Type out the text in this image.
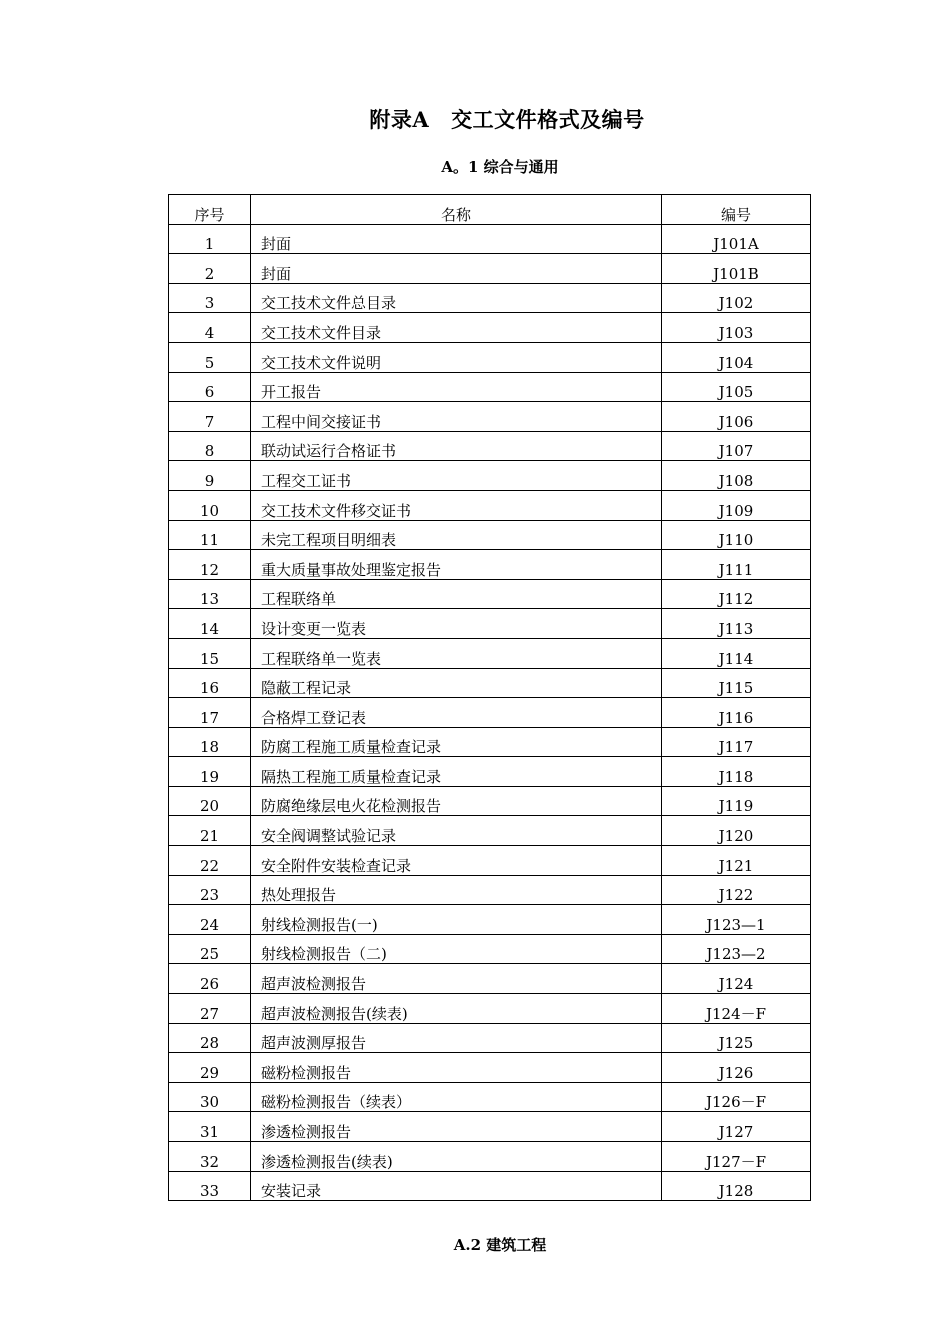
附录A 交工文件格式及编号
A。1 综合与通用
序号	名称	编号
1	封面	J101A
2	封面	J101B
3	交工技术文件总目录	J102
4	交工技术文件目录	J103
5	交工技术文件说明	J104
6	开工报告	J105
7	工程中间交接证书	J106
8	联动试运行合格证书	J107
9	工程交工证书	J108
10	交工技术文件移交证书	J109
11	未完工程项目明细表	J110
12	重大质量事故处理鉴定报告	J111
13	工程联络单	J112
14	设计变更一览表	J113
15	工程联络单一览表	J114
16	隐蔽工程记录	J115
17	合格焊工登记表	J116
18	防腐工程施工质量检查记录	J117
19	隔热工程施工质量检查记录	J118
20	防腐绝缘层电火花检测报告	J119
21	安全阀调整试验记录	J120
22	安全附件安装检查记录	J121
23	热处理报告	J122
24	射线检测报告(一)	J123—1
25	射线检测报告（二)	J123—2
26	超声波检测报告	J124
27	超声波检测报告(续表)	J124－F
28	超声波测厚报告	J125
29	磁粉检测报告	J126
30	磁粉检测报告（续表）	J126－F
31	渗透检测报告	J127
32	渗透检测报告(续表)	J127－F
33	安装记录	J128
A.2 建筑工程
